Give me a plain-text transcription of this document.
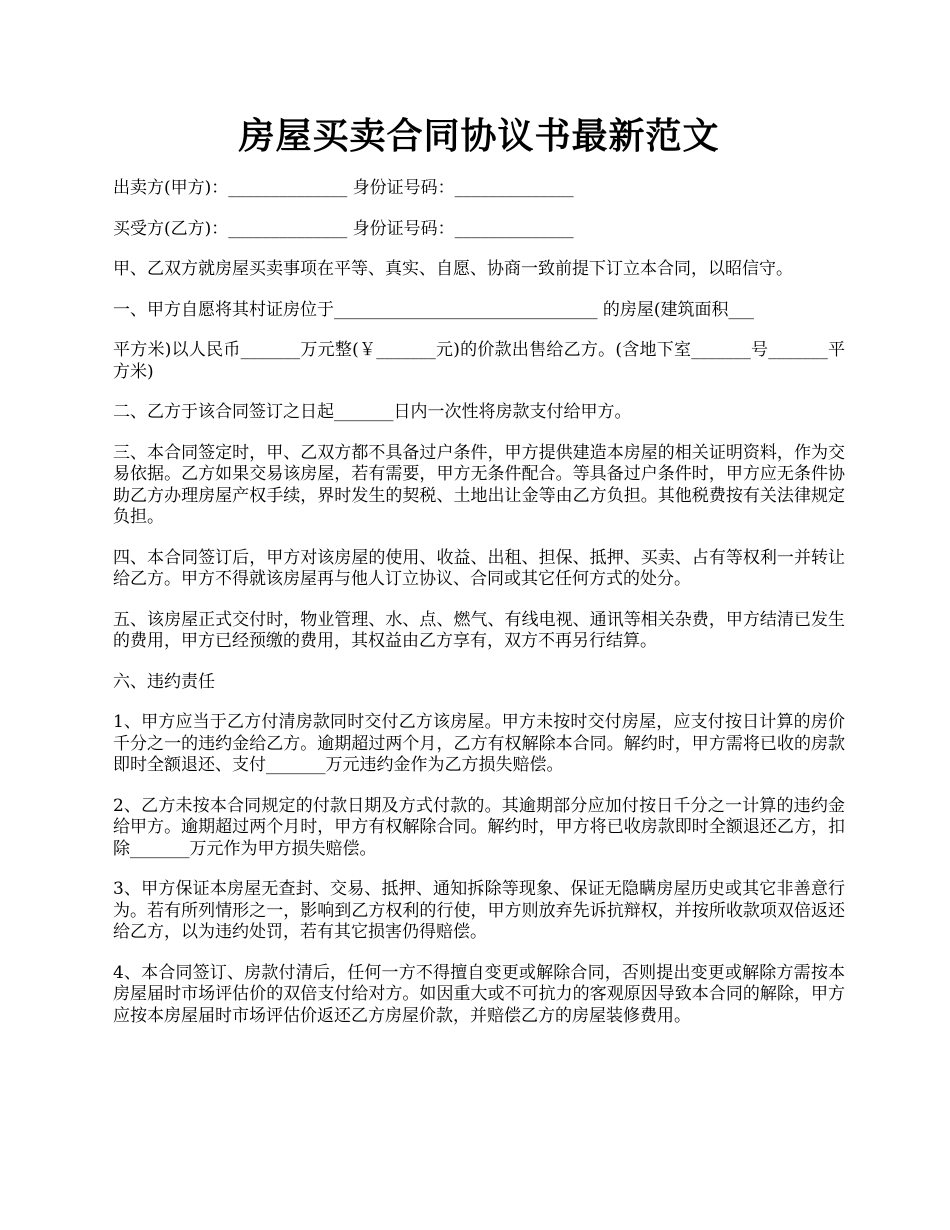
房屋买卖合同协议书最新范文

出卖方(甲方)：______________ 身份证号码：______________

买受方(乙方)：______________ 身份证号码：______________

甲、乙双方就房屋买卖事项在平等、真实、自愿、协商一致前提下订立本合同，以昭信守。

一、甲方自愿将其村证房位于_______________________________ 的房屋(建筑面积___

平方米)以人民币_______万元整(￥_______元)的价款出售给乙方。(含地下室_______号_______平方米)

二、乙方于该合同签订之日起_______日内一次性将房款支付给甲方。

三、本合同签定时，甲、乙双方都不具备过户条件，甲方提供建造本房屋的相关证明资料，作为交易依据。乙方如果交易该房屋，若有需要，甲方无条件配合。等具备过户条件时，甲方应无条件协助乙方办理房屋产权手续，界时发生的契税、土地出让金等由乙方负担。其他税费按有关法律规定负担。

四、本合同签订后，甲方对该房屋的使用、收益、出租、担保、抵押、买卖、占有等权利一并转让给乙方。甲方不得就该房屋再与他人订立协议、合同或其它任何方式的处分。

五、该房屋正式交付时，物业管理、水、点、燃气、有线电视、通讯等相关杂费，甲方结清已发生的费用，甲方已经预缴的费用，其权益由乙方享有，双方不再另行结算。

六、违约责任

1、甲方应当于乙方付清房款同时交付乙方该房屋。甲方未按时交付房屋，应支付按日计算的房价千分之一的违约金给乙方。逾期超过两个月，乙方有权解除本合同。解约时，甲方需将已收的房款即时全额退还、支付_______万元违约金作为乙方损失赔偿。

2、乙方未按本合同规定的付款日期及方式付款的。其逾期部分应加付按日千分之一计算的违约金给甲方。逾期超过两个月时，甲方有权解除合同。解约时，甲方将已收房款即时全额退还乙方，扣除_______万元作为甲方损失赔偿。

3、甲方保证本房屋无查封、交易、抵押、通知拆除等现象、保证无隐瞒房屋历史或其它非善意行为。若有所列情形之一，影响到乙方权利的行使，甲方则放弃先诉抗辩权，并按所收款项双倍返还给乙方，以为违约处罚，若有其它损害仍得赔偿。

4、本合同签订、房款付清后，任何一方不得擅自变更或解除合同，否则提出变更或解除方需按本房屋届时市场评估价的双倍支付给对方。如因重大或不可抗力的客观原因导致本合同的解除，甲方应按本房屋届时市场评估价返还乙方房屋价款，并赔偿乙方的房屋装修费用。
